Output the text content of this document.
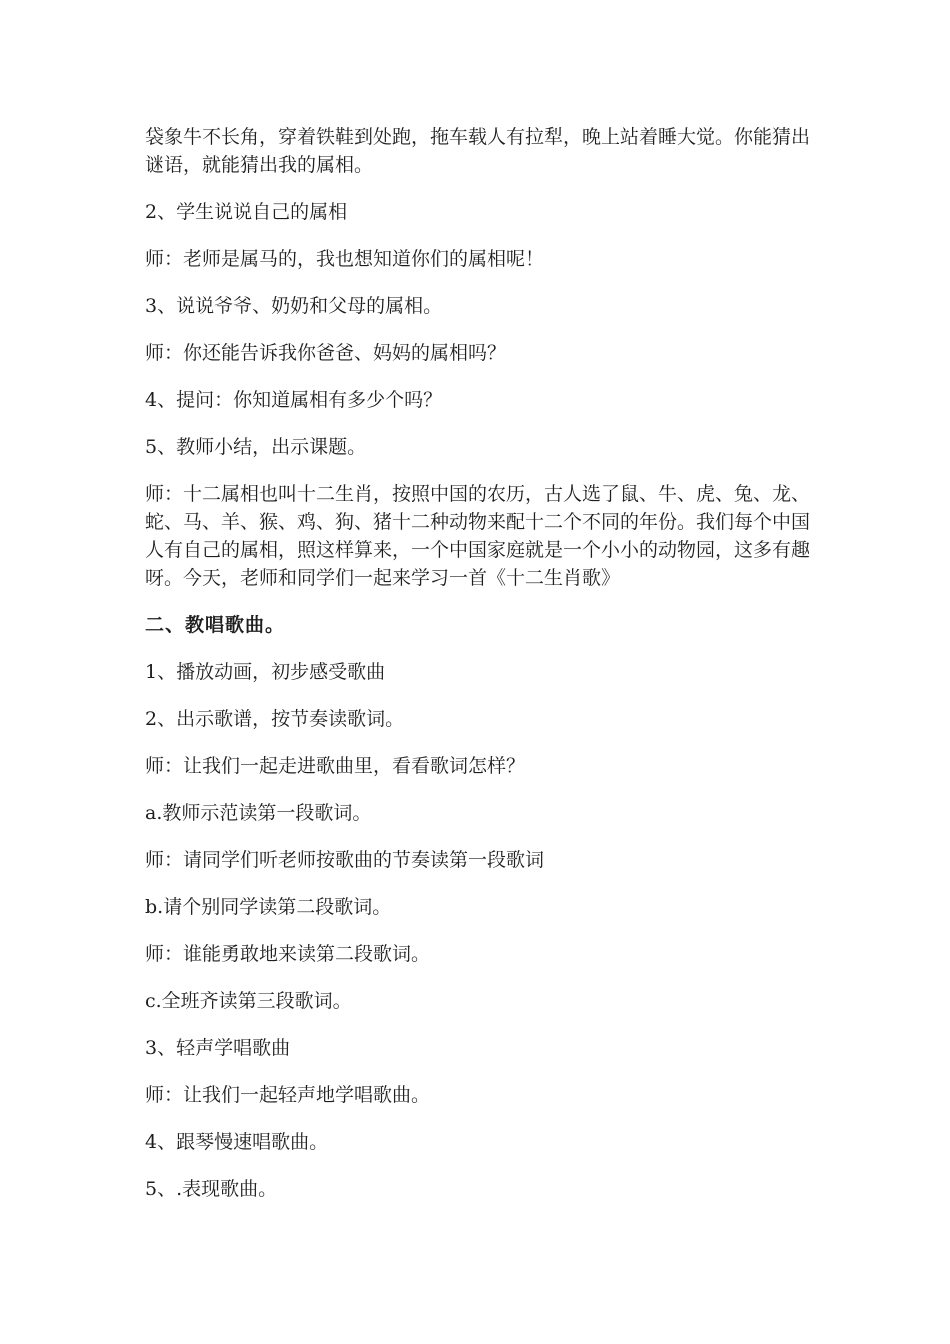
袋象牛不长角，穿着铁鞋到处跑，拖车载人有拉犁，晚上站着睡大觉。你能猜出谜语，就能猜出我的属相。

2、学生说说自己的属相

师：老师是属马的，我也想知道你们的属相呢！

3、说说爷爷、奶奶和父母的属相。

师：你还能告诉我你爸爸、妈妈的属相吗？

4、提问：你知道属相有多少个吗？

5、教师小结，出示课题。

师：十二属相也叫十二生肖，按照中国的农历，古人选了鼠、牛、虎、兔、龙、蛇、马、羊、猴、鸡、狗、猪十二种动物来配十二个不同的年份。我们每个中国人有自己的属相，照这样算来，一个中国家庭就是一个小小的动物园，这多有趣呀。今天，老师和同学们一起来学习一首《十二生肖歌》

二、教唱歌曲。

1、播放动画，初步感受歌曲

2、出示歌谱，按节奏读歌词。

师：让我们一起走进歌曲里，看看歌词怎样？

a.教师示范读第一段歌词。

师：请同学们听老师按歌曲的节奏读第一段歌词

b.请个别同学读第二段歌词。

师：谁能勇敢地来读第二段歌词。

c.全班齐读第三段歌词。

3、轻声学唱歌曲

师：让我们一起轻声地学唱歌曲。

4、跟琴慢速唱歌曲。

5、.表现歌曲。
